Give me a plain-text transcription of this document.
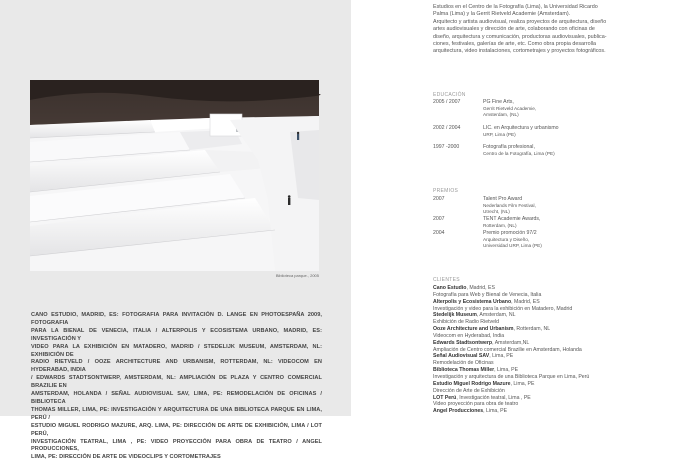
Biblioteca parque., 2005

CANO ESTUDIO, MADRID, ES: FOTOGRAFIA PARA INVITACIÓN D. LANGE EN PHOTOESPAÑA 2009, FOTOGRAFIA

PARA LA BIENAL DE VENECIA, ITALIA / ALTERPOLIS Y ECOSISTEMA URBANO, MADRID, ES: INVESTIGACIÓN Y

VIDEO PARA LA EXHIBICIÓN EN MATADERO, MADRID / STEDELIJK MUSEUM, AMSTERDAM, NL: EXHIBICIÓN DE

RADIO RIETVELD / OOZE ARCHITECTURE AND URBANISM, ROTTERDAM, NL: VIDEOCOM EN HYDERABAD, INDIA

/ EDWARDS STADTSONTWERP, AMSTERDAM, NL: AMPLIACIÓN DE PLAZA Y CENTRO COMERCIAL BRAZILIE EN

AMSTERDAM, HOLANDA / SEÑAL AUDIOVISUAL SAV, LIMA, PE: REMODELACIÓN DE OFICINAS / BIBLIOTECA

THOMAS MILLER, LIMA, PE: INVESTIGACIÓN Y ARQUITECTURA DE UNA BIBLIOTECA PARQUE EN LIMA, PERÚ /

ESTUDIO MIGUEL RODRIGO MAZURE, ARQ. LIMA, PE: DIRECCIÓN DE ARTE DE EXHIBICIÓN, LIMA / LOT PERÚ,

INVESTIGACIÓN TEATRAL, LIMA , PE: VIDEO PROYECCIÓN PARA OBRA DE TEATRO / ANGEL PRODUCCIONES,

LIMA, PE: DIRECCIÓN DE ARTE DE VIDEOCLIPS Y CORTOMETRAJES

Estudios en el Centro de la Fotografía (Lima), la Universidad Ricardo
Palma (Lima) y la Gerrit Rietveld Academie (Amsterdam).
Arquitecto y artista audiovisual, realiza proyectos de arquitectura, diseño
artes audiovisuales y dirección de arte, colaborando con oficinas de
diseño, arquitectura y comunicación, productoras audiovisuales, publica-
ciones, festivales, galerías de arte, etc. Como obra propia desarrolla
arquitectura, video instalaciones, cortometrajes y proyectos fotográficos.
EDUCACIÓN
2005 / 2007	PG Fine Arts,
Gerrit Rietveld Academie,
Amsterdam, (NL)
2002 / 2004	LIC. en Arquitectura y urbanismo
URP, Lima (PE)
1997 -2000	Fotografía profesional,
Centro de la Fotografía, Lima (PE)
PREMIOS
2007	Talent Pro Award
Nederlands Film Festival,
Utrecht, (NL)
2007	TENT Academie Awards,
Rotterdam, (NL)
2004	Premio promoción 97/2
Arquitectura y Diseño,
Universidad URP, Lima (PE)
CLIENTES
Cano Estudio, Madrid, ES
Fotografía para Web y Bienal de Venecia, Italia
Alterpolis y Ecosistema Urbano, Madrid, ES
Investigación y video para la exhibición en Matadero, Madrid
Stedelijk Museum, Amsterdam, NL
Exhibición de Radio Rietveld
Ooze Architecture and Urbanism, Rotterdam, NL
Videocom en Hyderabad, India
Edwards Stadtsontwerp, Amsterdam,NL
Ampliación de Centro comercial Brazilie en Amsterdam, Holanda
Señal Audiovisual SAV, Lima, PE
Remodelación de Oficinas
Biblioteca Thomas Miller, Lima, PE
Investigación y arquitectura de una Biblioteca Parque en Lima, Perú
Estudio Miguel Rodrigo Mazure, Lima, PE
Dirección de Arte de Exhibición
LOT Perú, Investigación teatral, Lima , PE
Video proyección para obra de teatro
Angel Producciones, Lima, PE
